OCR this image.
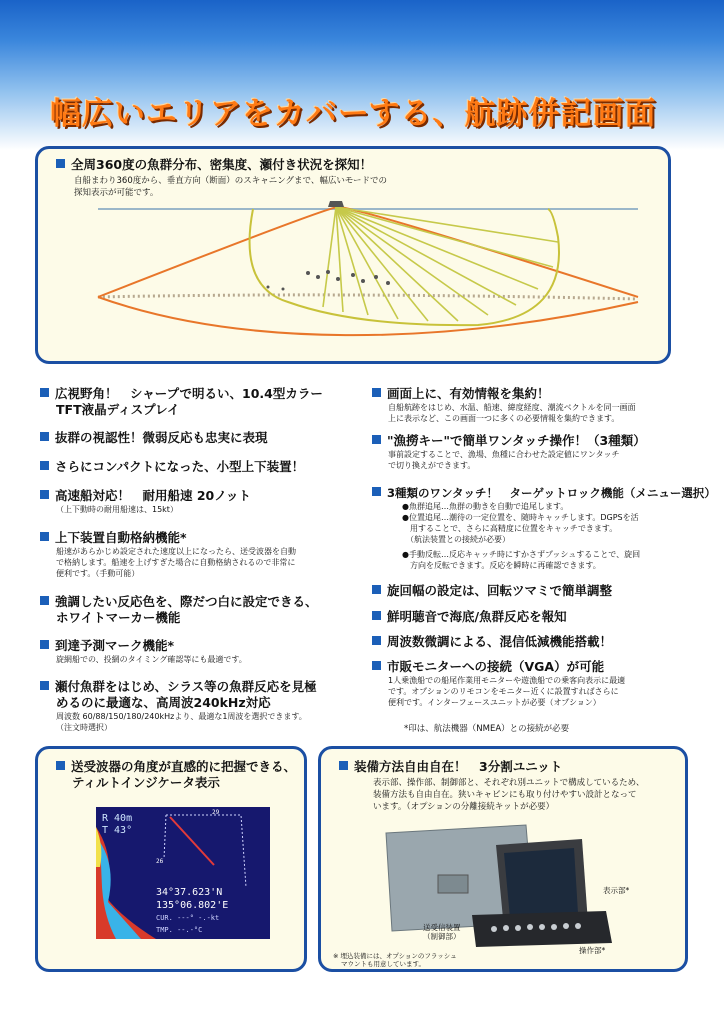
幅広いエリアをカバーする、航跡併記画面
全周360度の魚群分布、密集度、瀬付き状況を探知！
自船まわり360度から、垂直方向（断面）のスキャニングまで、幅広いモードでの
探知表示が可能です。
広視野角！　シャープで明るい、10.4型カラー
TFT液晶ディスプレイ
抜群の視認性！微弱反応も忠実に表現
さらにコンパクトになった、小型上下装置！
高速船対応！　耐用船速 20ノット
（上下動時の耐用船速は、15kt）
上下装置自動格納機能*
船速があらかじめ設定された速度以上になったら、送受波器を自動
で格納します。船速を上げすぎた場合に自動格納されるので非常に
便利です。（手動可能）
強調したい反応色を、際だつ白に設定できる、
ホワイトマーカー機能
到達予測マーク機能*
旋網船での、投網のタイミング確認等にも最適です。
瀬付魚群をはじめ、シラス等の魚群反応を見極
めるのに最適な、高周波240kHz対応
周波数 60/88/150/180/240kHzより、最適な1周波を選択できます。
（注文時選択）
画面上に、有効情報を集約！
自船航跡をはじめ、水温、船速、緯度経度、潮流ベクトルを同一画面
上に表示など、この画面一つに多くの必要情報を集約できます。
"漁撈キー"で簡単ワンタッチ操作！（3種類）
事前設定することで、漁場、魚種に合わせた設定値にワンタッチ
で切り換えができます。
3種類のワンタッチ！　ターゲットロック機能（メニュー選択）
●魚群追尾…魚群の動きを自動で追尾します。
●位置追尾…潮待の一定位置を、随時キャッチします。DGPSを活
　用することで、さらに高精度に位置をキャッチできます。
　（航法装置との接続が必要）
●手動反転…反応キャッチ時にすかさずプッシュすることで、旋回
　方向を反転できます。反応を瞬時に再確認できます。
旋回幅の設定は、回転ツマミで簡単調整
鮮明聴音で海底/魚群反応を報知
周波数微調による、混信低減機能搭載！
市販モニターへの接続（VGA）が可能
1人乗漁船での船尾作業用モニターや遊漁船での乗客向表示に最適
です。オプションのリモコンをモニター近くに設置すればさらに
便利です。インターフェースユニットが必要（オプション）
*印は、航法機器（NMEA）との接続が必要
送受波器の角度が直感的に把握できる、
ティルトインジケータ表示
R 40m
T 43°
29
26
34°37.623'N
135°06.802'E
CUR. ---° -.-kt
TMP. --.-°C
装備方法自由自在！　3分割ユニット
表示部、操作部、制御部と、それぞれ別ユニットで構成しているため、
装備方法も自由自在。狭いキャビンにも取り付けやすい設計となって
います。（オプションの分離接続キットが必要）
表示部*
送受信装置
（制御部）
操作部*
※ 埋込装備には、オプションのフラッシュ
マウントも用意しています。
